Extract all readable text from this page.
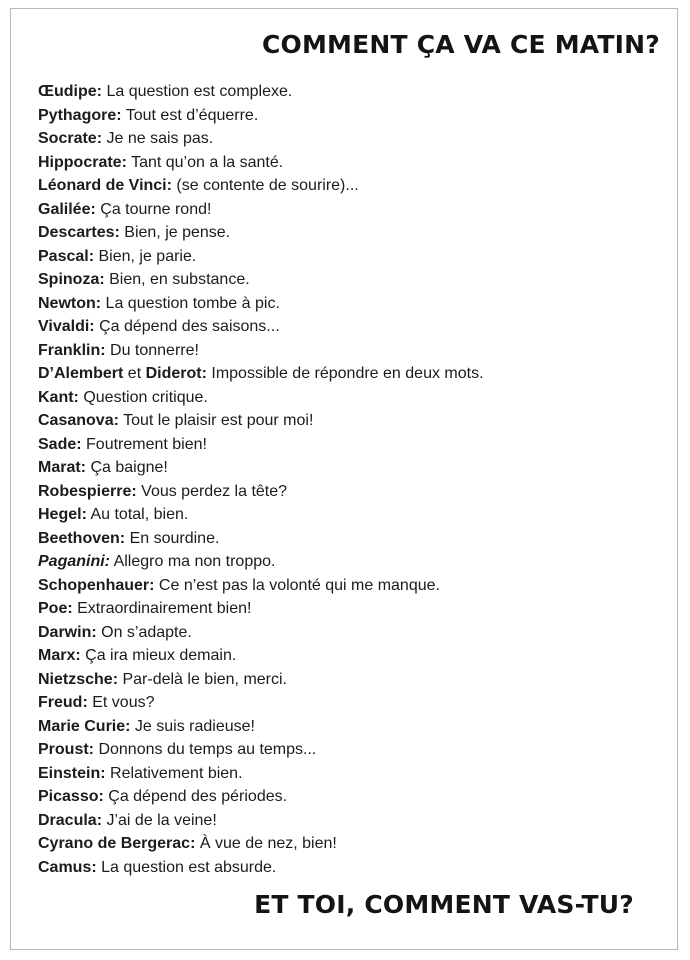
COMMENT ÇA VA CE MATIN?
Œudipe: La question est complexe.
Pythagore: Tout est d’équerre.
Socrate: Je ne sais pas.
Hippocrate: Tant qu’on a la santé.
Léonard de Vinci: (se contente de sourire)...
Galilée: Ça tourne rond!
Descartes: Bien, je pense.
Pascal: Bien, je parie.
Spinoza: Bien, en substance.
Newton: La question tombe à pic.
Vivaldi: Ça dépend des saisons...
Franklin: Du tonnerre!
D’Alembert et Diderot: Impossible de répondre en deux mots.
Kant: Question critique.
Casanova: Tout le plaisir est pour moi!
Sade: Foutrement bien!
Marat: Ça baigne!
Robespierre: Vous perdez la tête?
Hegel: Au total, bien.
Beethoven: En sourdine.
Paganini: Allegro ma non troppo.
Schopenhauer: Ce n’est pas la volonté qui me manque.
Poe: Extraordinairement bien!
Darwin: On s’adapte.
Marx: Ça ira mieux demain.
Nietzsche: Par-delà le bien, merci.
Freud: Et vous?
Marie Curie: Je suis radieuse!
Proust: Donnons du temps au temps...
Einstein: Relativement bien.
Picasso: Ça dépend des périodes.
Dracula: J’ai de la veine!
Cyrano de Bergerac: À vue de nez, bien!
Camus: La question est absurde.
ET TOI, COMMENT VAS-TU?
